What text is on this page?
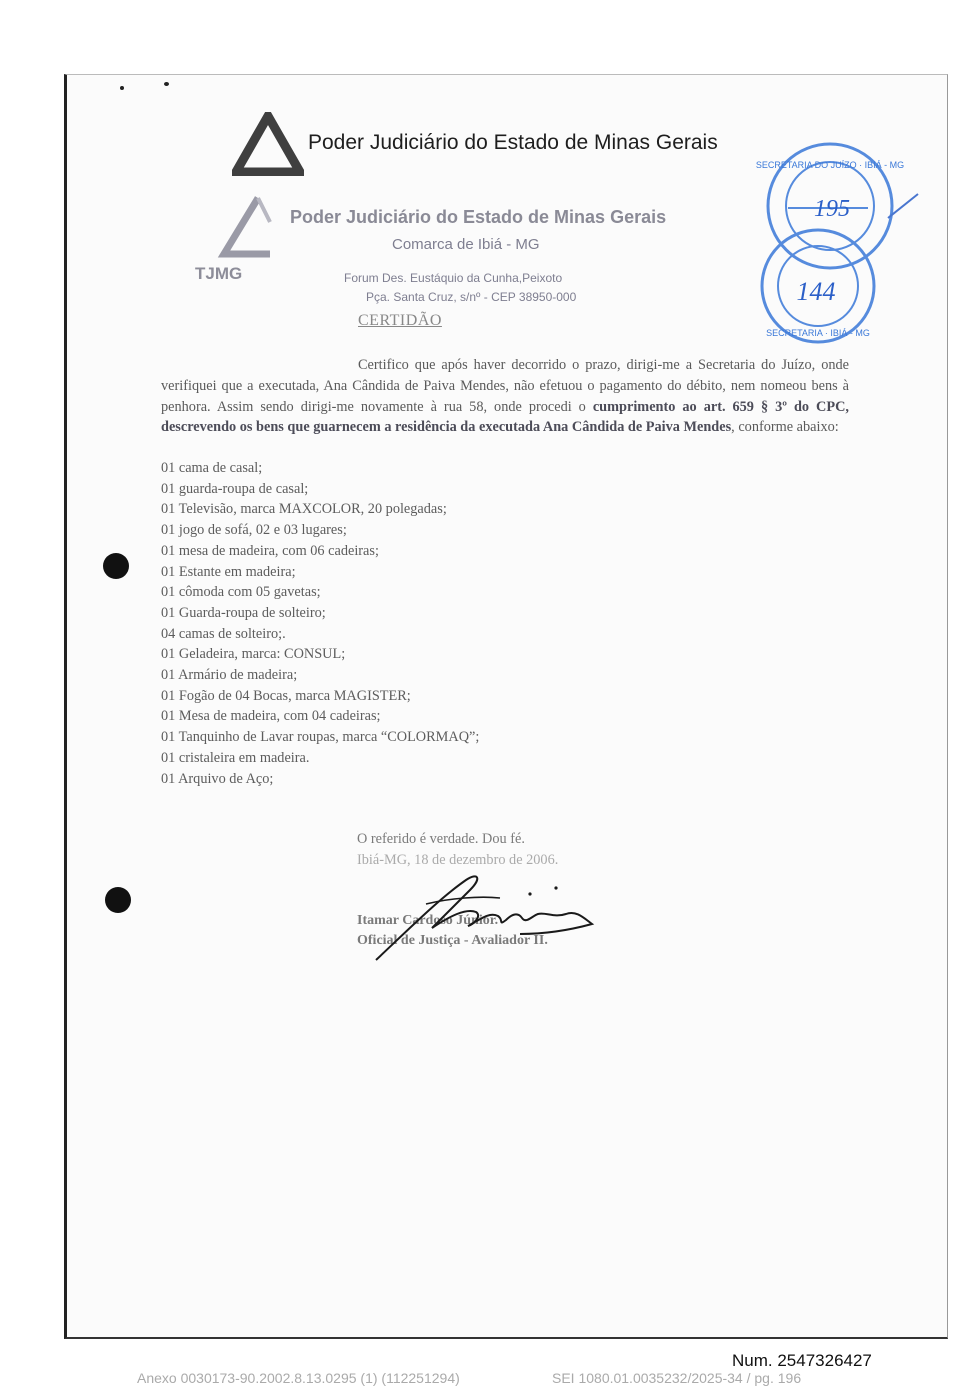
Poder Judiciário do Estado de Minas Gerais
Poder Judiciário do Estado de Minas Gerais
Comarca de Ibiá - MG
TJMG	Forum Des. Eustáquio da Cunha,Peixoto
Pça. Santa Cruz, s/nº - CEP 38950-000
195
144
SECRETARIA DO JUÍZO · IBIÁ - MG
SECRETARIA · IBIÁ - MG
CERTIDÃO
Certifico que após haver decorrido o prazo, dirigi-me a Secretaria do Juízo, onde verifiquei que a executada, Ana Cândida de Paiva Mendes, não efetuou o pagamento do débito, nem nomeou bens à penhora. Assim sendo dirigi-me novamente à rua 58, onde procedi o cumprimento ao art. 659 § 3º do CPC, descrevendo os bens que guarnecem a residência da executada Ana Cândida de Paiva Mendes, conforme abaixo:
01 cama de casal;
01 guarda-roupa de casal;
01 Televisão, marca MAXCOLOR, 20 polegadas;
01 jogo de sofá, 02 e 03 lugares;
01 mesa de madeira, com 06 cadeiras;
01 Estante em madeira;
01 cômoda com 05 gavetas;
01 Guarda-roupa de solteiro;
04 camas de solteiro;.
01 Geladeira, marca: CONSUL;
01 Armário de madeira;
01 Fogão de 04 Bocas, marca MAGISTER;
01 Mesa de madeira, com 04 cadeiras;
01 Tanquinho de Lavar roupas, marca “COLORMAQ”;
01 cristaleira em madeira.
01 Arquivo de Aço;
O referido é verdade. Dou fé.
Ibiá-MG, 18 de dezembro de 2006.
Itamar Cardoso Júnior.
Oficial de Justiça - Avaliador II.
Num. 2547326427
Anexo 0030173-90.2002.8.13.0295 (1) (112251294)	SEI 1080.01.0035232/2025-34 / pg. 196
